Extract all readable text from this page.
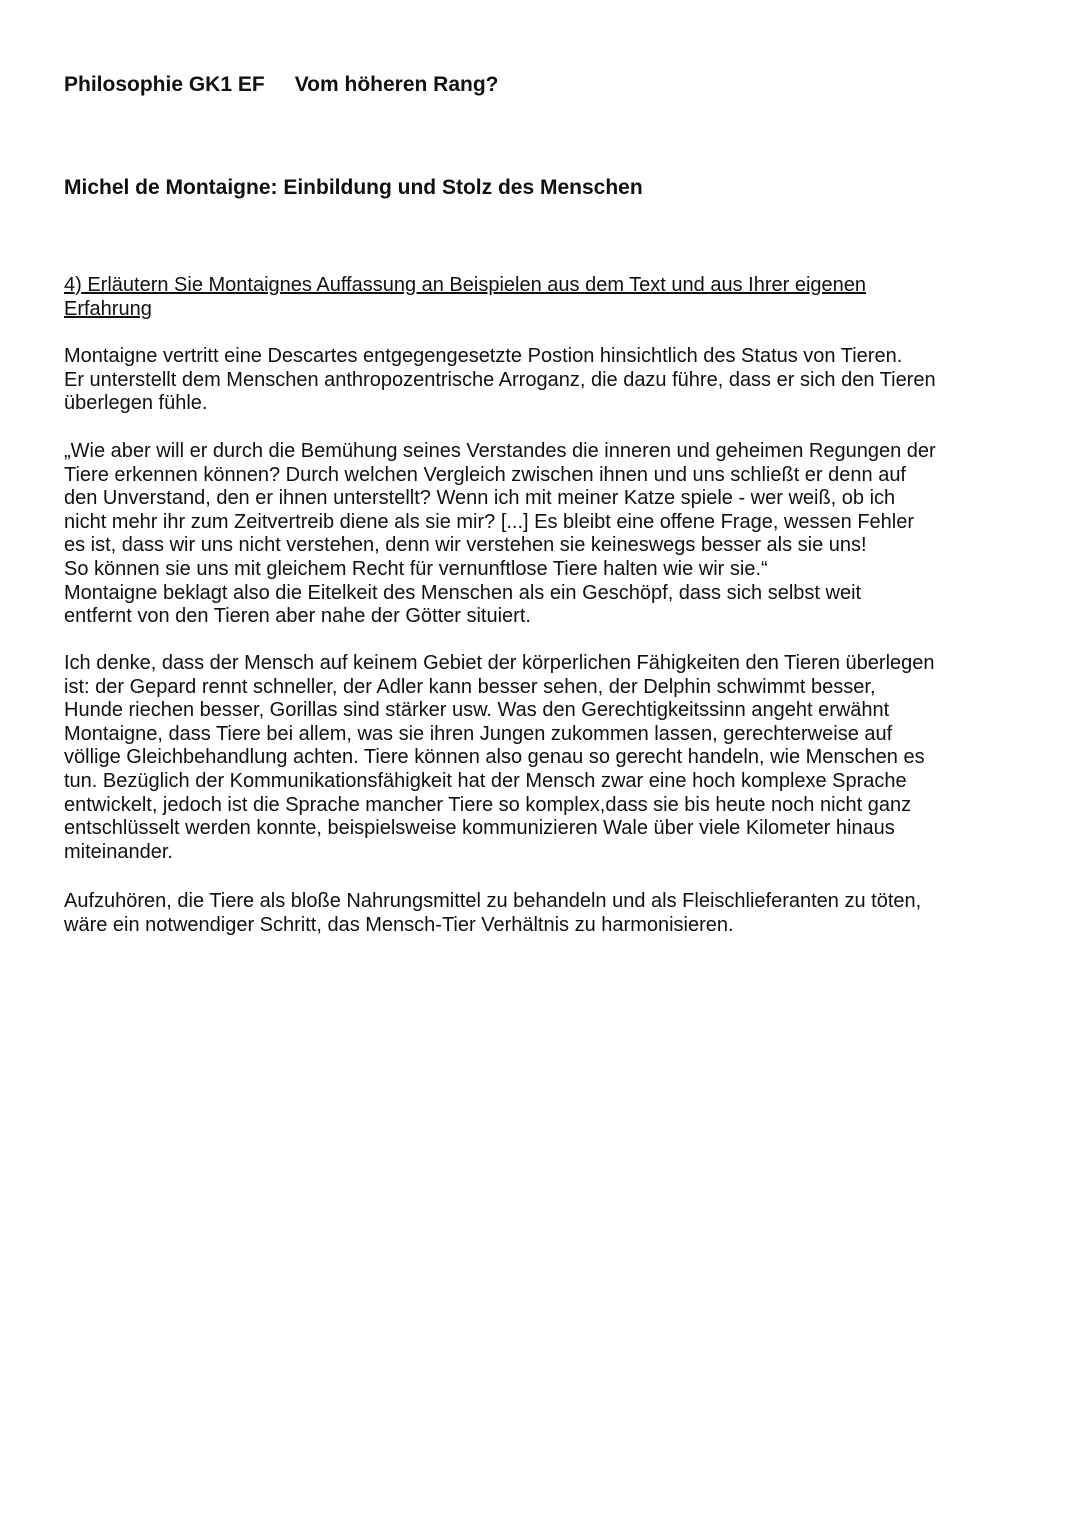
Philosophie GK1 EF Vom höheren Rang?
Michel de Montaigne: Einbildung und Stolz des Menschen

4) Erläutern Sie Montaignes Auffassung an Beispielen aus dem Text und aus Ihrer eigenen
Erfahrung

Montaigne vertritt eine Descartes entgegengesetzte Postion hinsichtlich des Status von Tieren.
Er unterstellt dem Menschen anthropozentrische Arroganz, die dazu führe, dass er sich den Tieren
überlegen fühle.

„Wie aber will er durch die Bemühung seines Verstandes die inneren und geheimen Regungen der
Tiere erkennen können? Durch welchen Vergleich zwischen ihnen und uns schließt er denn auf
den Unverstand, den er ihnen unterstellt? Wenn ich mit meiner Katze spiele - wer weiß, ob ich
nicht mehr ihr zum Zeitvertreib diene als sie mir? [...] Es bleibt eine offene Frage, wessen Fehler
es ist, dass wir uns nicht verstehen, denn wir verstehen sie keineswegs besser als sie uns!
So können sie uns mit gleichem Recht für vernunftlose Tiere halten wie wir sie.“
Montaigne beklagt also die Eitelkeit des Menschen als ein Geschöpf, dass sich selbst weit
entfernt von den Tieren aber nahe der Götter situiert.

Ich denke, dass der Mensch auf keinem Gebiet der körperlichen Fähigkeiten den Tieren überlegen
ist: der Gepard rennt schneller, der Adler kann besser sehen, der Delphin schwimmt besser,
Hunde riechen besser, Gorillas sind stärker usw. Was den Gerechtigkeitssinn angeht erwähnt
Montaigne, dass Tiere bei allem, was sie ihren Jungen zukommen lassen, gerechterweise auf
völlige Gleichbehandlung achten. Tiere können also genau so gerecht handeln, wie Menschen es
tun. Bezüglich der Kommunikationsfähigkeit hat der Mensch zwar eine hoch komplexe Sprache
entwickelt, jedoch ist die Sprache mancher Tiere so komplex,dass sie bis heute noch nicht ganz
entschlüsselt werden konnte, beispielsweise kommunizieren Wale über viele Kilometer hinaus
miteinander.

Aufzuhören, die Tiere als bloße Nahrungsmittel zu behandeln und als Fleischlieferanten zu töten,
wäre ein notwendiger Schritt, das Mensch-Tier Verhältnis zu harmonisieren.
